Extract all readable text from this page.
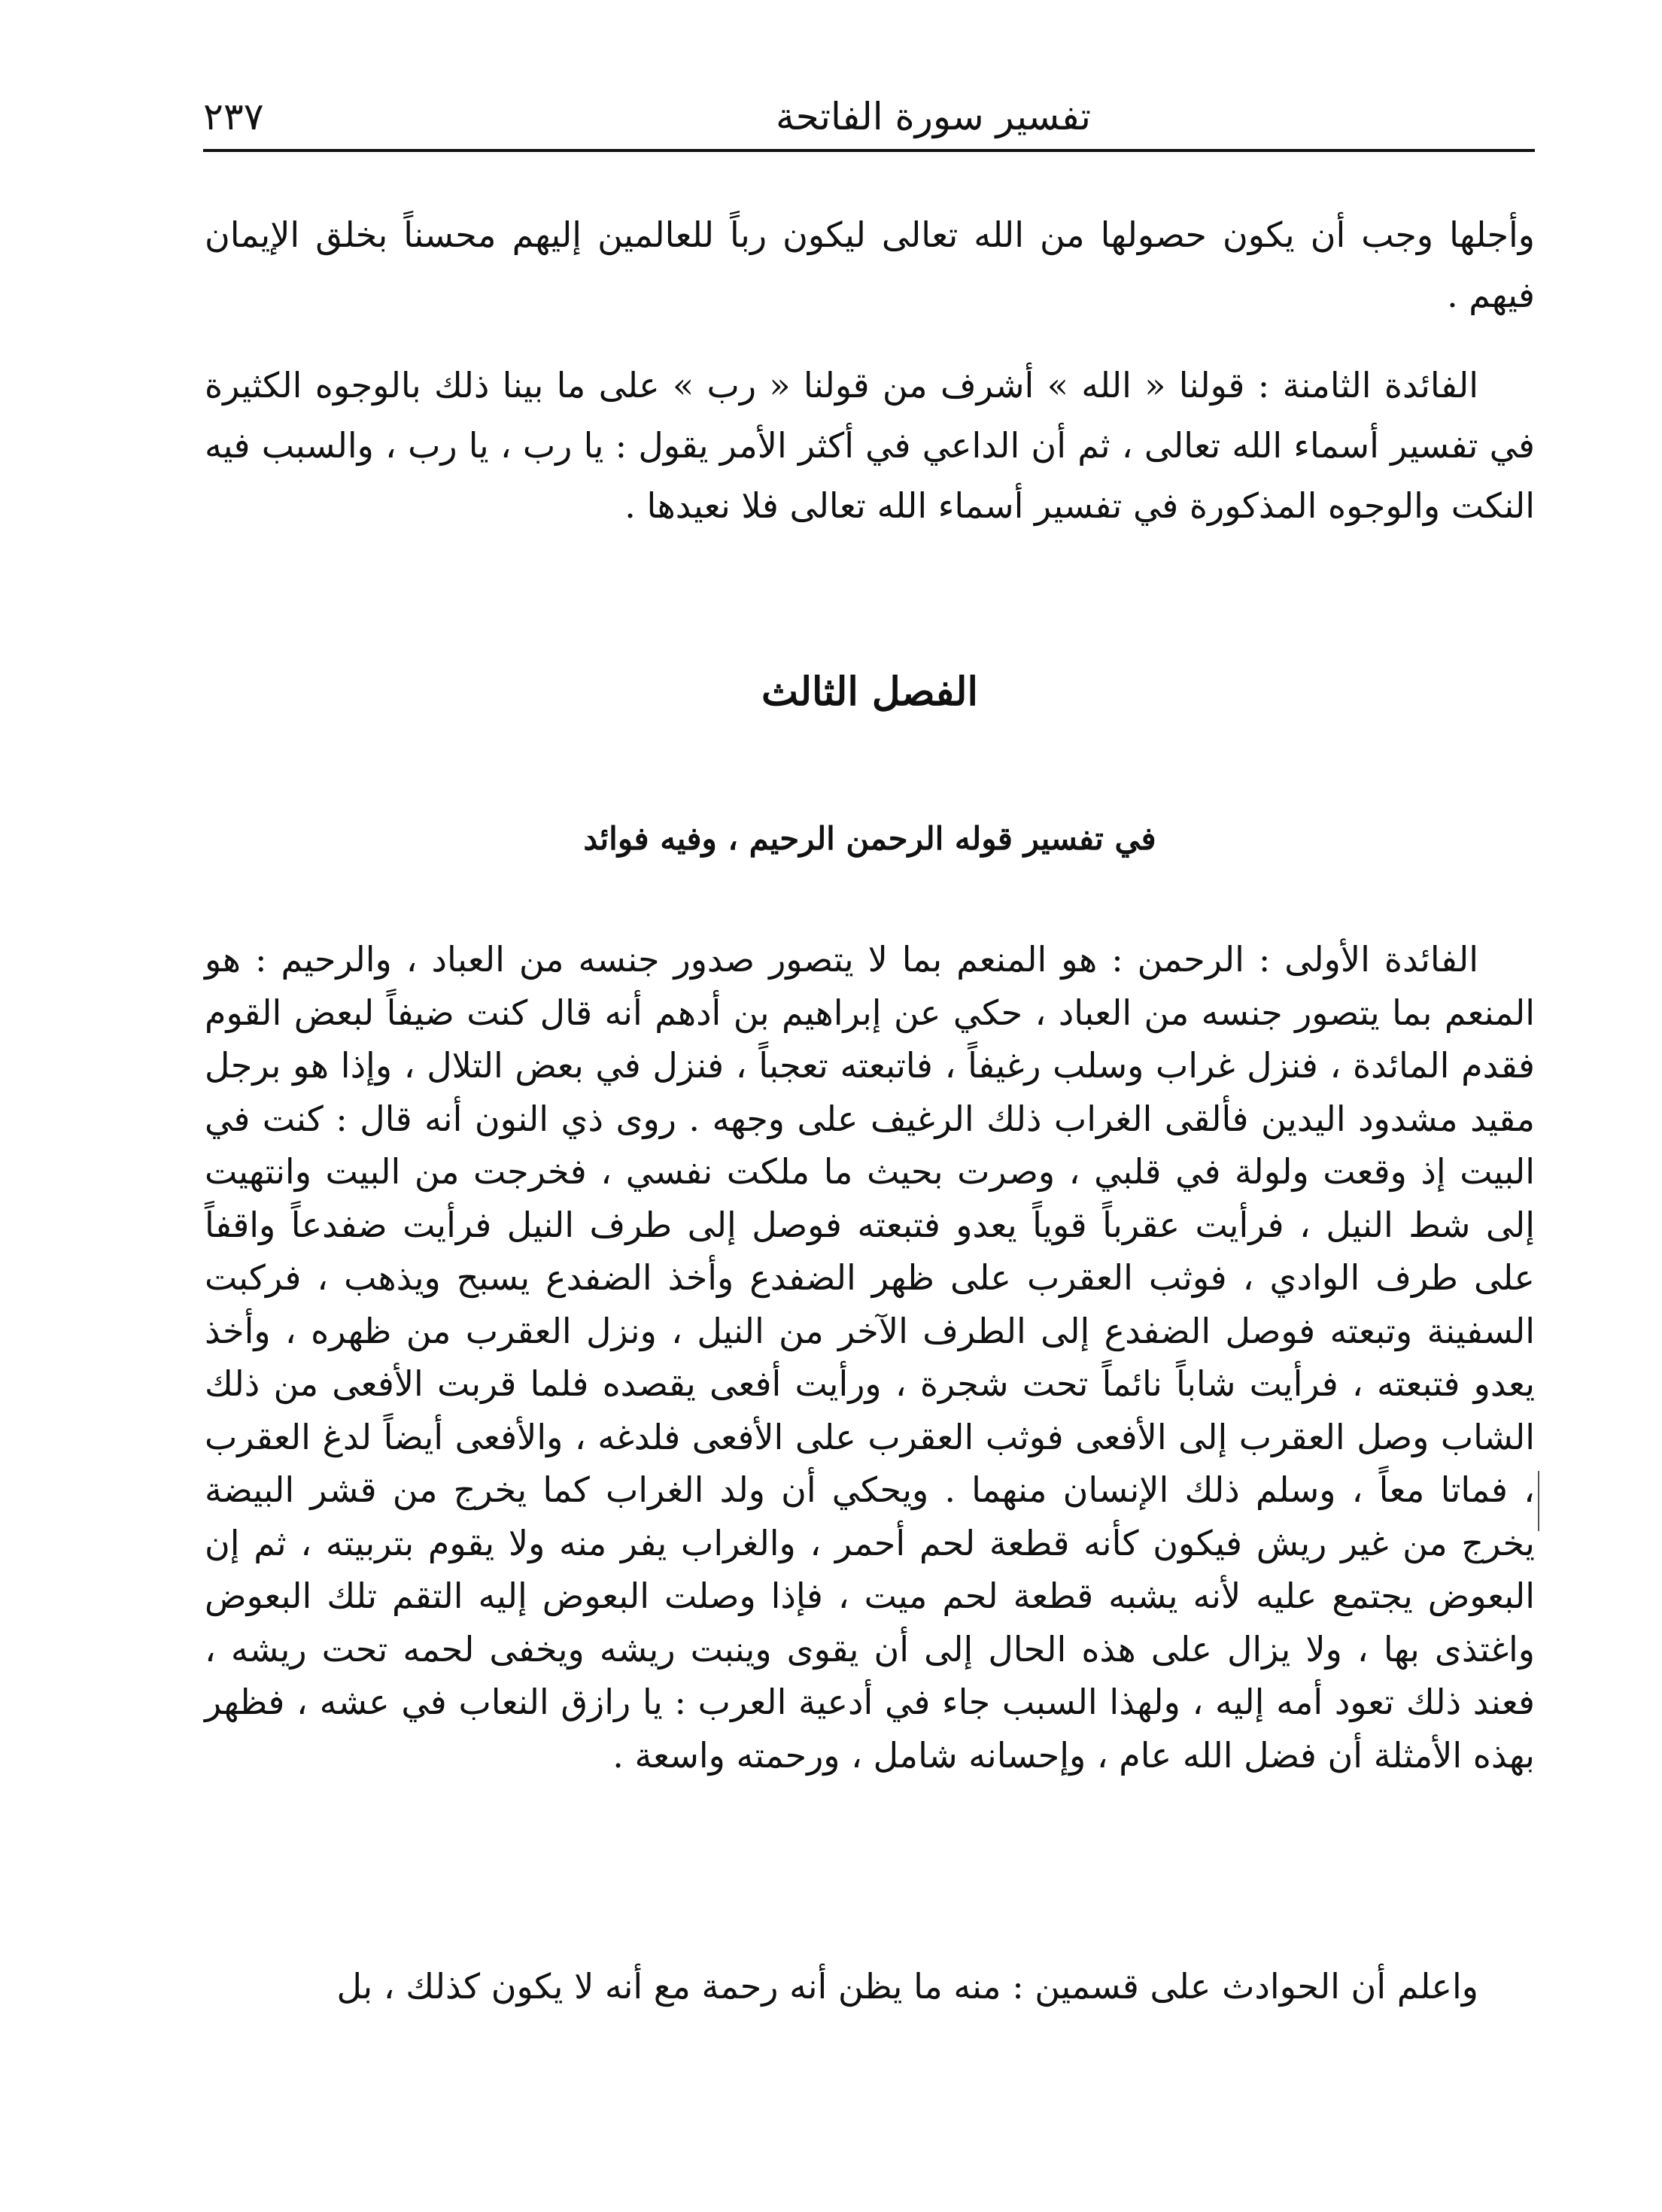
تفسير سورة الفاتحة
٢٣٧

وأجلها وجب أن يكون حصولها من الله تعالى ليكون رباً للعالمين إليهم محسناً بخلق الإيمان فيهم .

الفائدة الثامنة : قولنا « الله » أشرف من قولنا « رب » على ما بينا ذلك بالوجوه الكثيرة في تفسير أسماء الله تعالى ، ثم أن الداعي في أكثر الأمر يقول : يا رب ، يا رب ، والسبب فيه النكت والوجوه المذكورة في تفسير أسماء الله تعالى فلا نعيدها .

الفصل الثالث
في تفسير قوله الرحمن الرحيم ، وفيه فوائد

الفائدة الأولى : الرحمن : هو المنعم بما لا يتصور صدور جنسه من العباد ، والرحيم : هو المنعم بما يتصور جنسه من العباد ، حكي عن إبراهيم بن أدهم أنه قال كنت ضيفاً لبعض القوم فقدم المائدة ، فنزل غراب وسلب رغيفاً ، فاتبعته تعجباً ، فنزل في بعض التلال ، وإذا هو برجل مقيد مشدود اليدين فألقى الغراب ذلك الرغيف على وجهه . روى ذي النون أنه قال : كنت في البيت إذ وقعت ولولة في قلبي ، وصرت بحيث ما ملكت نفسي ، فخرجت من البيت وانتهيت إلى شط النيل ، فرأيت عقرباً قوياً يعدو فتبعته فوصل إلى طرف النيل فرأيت ضفدعاً واقفاً على طرف الوادي ، فوثب العقرب على ظهر الضفدع وأخذ الضفدع يسبح ويذهب ، فركبت السفينة وتبعته فوصل الضفدع إلى الطرف الآخر من النيل ، ونزل العقرب من ظهره ، وأخذ يعدو فتبعته ، فرأيت شاباً نائماً تحت شجرة ، ورأيت أفعى يقصده فلما قربت الأفعى من ذلك الشاب وصل العقرب إلى الأفعى فوثب العقرب على الأفعى فلدغه ، والأفعى أيضاً لدغ العقرب ، فماتا معاً ، وسلم ذلك الإنسان منهما . ويحكي أن ولد الغراب كما يخرج من قشر البيضة يخرج من غير ريش فيكون كأنه قطعة لحم أحمر ، والغراب يفر منه ولا يقوم بتربيته ، ثم إن البعوض يجتمع عليه لأنه يشبه قطعة لحم ميت ، فإذا وصلت البعوض إليه التقم تلك البعوض واغتذى بها ، ولا يزال على هذه الحال إلى أن يقوى وينبت ريشه ويخفى لحمه تحت ريشه ، فعند ذلك تعود أمه إليه ، ولهذا السبب جاء في أدعية العرب : يا رازق النعاب في عشه ، فظهر بهذه الأمثلة أن فضل الله عام ، وإحسانه شامل ، ورحمته واسعة .

واعلم أن الحوادث على قسمين : منه ما يظن أنه رحمة مع أنه لا يكون كذلك ، بل
